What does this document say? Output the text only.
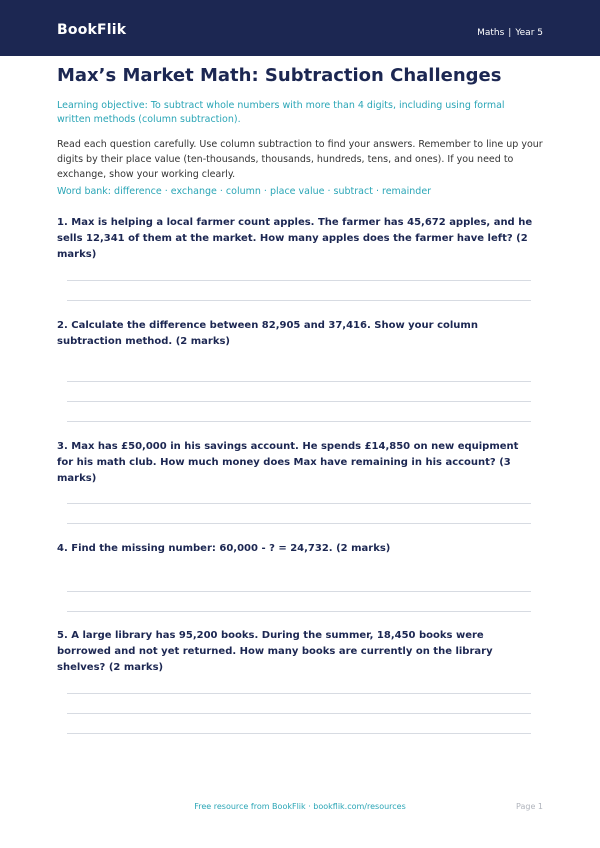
BookFlik	Maths | Year 5
Max’s Market Math: Subtraction Challenges
Learning objective: To subtract whole numbers with more than 4 digits, including using formal written methods (column subtraction).
Read each question carefully. Use column subtraction to find your answers. Remember to line up your digits by their place value (ten-thousands, thousands, hundreds, tens, and ones). If you need to exchange, show your working clearly.
Word bank: difference · exchange · column · place value · subtract · remainder
1. Max is helping a local farmer count apples. The farmer has 45,672 apples, and he sells 12,341 of them at the market. How many apples does the farmer have left? (2 marks)
2. Calculate the difference between 82,905 and 37,416. Show your column subtraction method. (2 marks)
3. Max has £50,000 in his savings account. He spends £14,850 on new equipment for his math club. How much money does Max have remaining in his account? (3 marks)
4. Find the missing number: 60,000 - ? = 24,732. (2 marks)
5. A large library has 95,200 books. During the summer, 18,450 books were borrowed and not yet returned. How many books are currently on the library shelves? (2 marks)
Free resource from BookFlik · bookflik.com/resources	Page 1
